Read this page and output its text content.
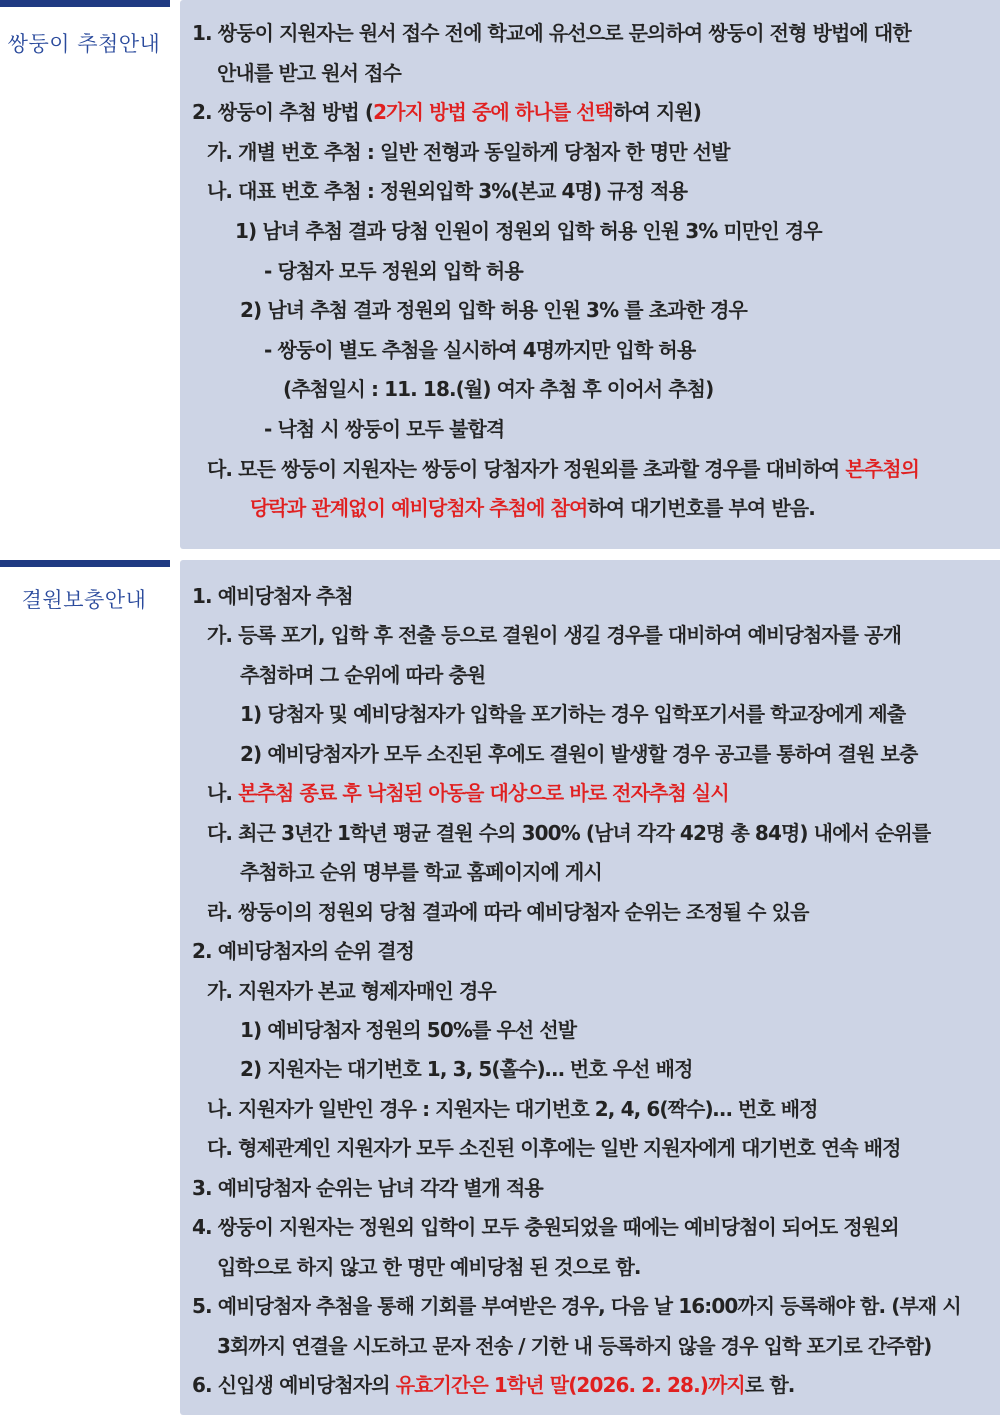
쌍둥이 추첨안내	1. 쌍둥이 지원자는 원서 접수 전에 학교에 유선으로 문의하여 쌍둥이 전형 방법에 대한
안내를 받고 원서 접수
2. 쌍둥이 추첨 방법 (2가지 방법 중에 하나를 선택하여 지원)
가. 개별 번호 추첨 : 일반 전형과 동일하게 당첨자 한 명만 선발
나. 대표 번호 추첨 : 정원외입학 3%(본교 4명) 규정 적용
1) 남녀 추첨 결과 당첨 인원이 정원외 입학 허용 인원 3% 미만인 경우
- 당첨자 모두 정원외 입학 허용
2) 남녀 추첨 결과 정원외 입학 허용 인원 3% 를 초과한 경우
- 쌍둥이 별도 추첨을 실시하여 4명까지만 입학 허용
(추첨일시 : 11. 18.(월) 여자 추첨 후 이어서 추첨)
- 낙첨 시 쌍둥이 모두 불합격
다. 모든 쌍둥이 지원자는 쌍둥이 당첨자가 정원외를 초과할 경우를 대비하여 본추첨의
당락과 관계없이 예비당첨자 추첨에 참여하여 대기번호를 부여 받음.
결원보충안내	1. 예비당첨자 추첨
가. 등록 포기, 입학 후 전출 등으로 결원이 생길 경우를 대비하여 예비당첨자를 공개
추첨하며 그 순위에 따라 충원
1) 당첨자 및 예비당첨자가 입학을 포기하는 경우 입학포기서를 학교장에게 제출
2) 예비당첨자가 모두 소진된 후에도 결원이 발생할 경우 공고를 통하여 결원 보충
나. 본추첨 종료 후 낙첨된 아동을 대상으로 바로 전자추첨 실시
다. 최근 3년간 1학년 평균 결원 수의 300% (남녀 각각 42명 총 84명) 내에서 순위를
추첨하고 순위 명부를 학교 홈페이지에 게시
라. 쌍둥이의 정원외 당첨 결과에 따라 예비당첨자 순위는 조정될 수 있음
2. 예비당첨자의 순위 결정
가. 지원자가 본교 형제자매인 경우
1) 예비당첨자 정원의 50%를 우선 선발
2) 지원자는 대기번호 1, 3, 5(홀수)… 번호 우선 배정
나. 지원자가 일반인 경우 : 지원자는 대기번호 2, 4, 6(짝수)… 번호 배정
다. 형제관계인 지원자가 모두 소진된 이후에는 일반 지원자에게 대기번호 연속 배정
3. 예비당첨자 순위는 남녀 각각 별개 적용
4. 쌍둥이 지원자는 정원외 입학이 모두 충원되었을 때에는 예비당첨이 되어도 정원외
입학으로 하지 않고 한 명만 예비당첨 된 것으로 함.
5. 예비당첨자 추첨을 통해 기회를 부여받은 경우, 다음 날 16:00까지 등록해야 함. (부재 시
3회까지 연결을 시도하고 문자 전송 / 기한 내 등록하지 않을 경우 입학 포기로 간주함)
6. 신입생 예비당첨자의 유효기간은 1학년 말(2026. 2. 28.)까지로 함.
